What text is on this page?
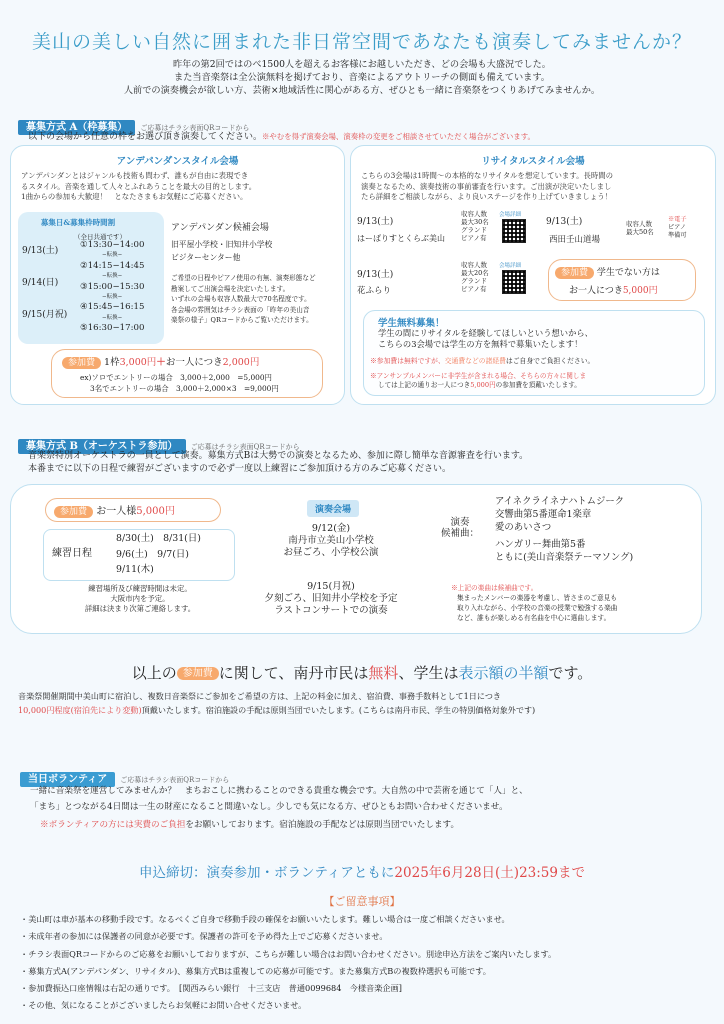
美山の美しい自然に囲まれた非日常空間であなたも演奏してみませんか？
昨年の第2回ではのべ1500人を超えるお客様にお越しいただき、どの会場も大盛況でした。
また当音楽祭は全公演無料を掲げており、音楽によるアウトリーチの側面も備えています。
人前での演奏機会が欲しい方、芸術×地域活性に関心がある方、ぜひとも一緒に音楽祭をつくりあげてみませんか。
募集方式 A（枠募集） ご応募はチラシ表面QRコードから
以下の会場から任意の枠をお選び頂き演奏してください。※やむを得ず演奏会場、演奏枠の変更をご相談させていただく場合がございます。
アンデパンダンスタイル会場
アンデパンダンとはジャンルも技術も問わず、誰もが自由に表現でき
るスタイル。音楽を通して人々とふれあうことを最大の目的とします。
1曲からの参加も大歓迎！　となたさまもお気軽にご応募ください。
募集日&募集枠時間割
（全日共通です）
9/13(土)
9/14(日)
9/15(月祝)
①13:30−14:00
−転換−
②14:15−14:45
−転換−
③15:00−15:30
−転換−
④15:45−16:15
−転換−
⑤16:30−17:00
アンデパンダン候補会場
旧平屋小学校・旧知井小学校
ビジターセンター他
ご希望の日程やピアノ使用の有無、演奏形態など
勘案してご出演会場を決定いたします。
いずれの会場も収容人数最大で70名程度です。
各会場の雰囲気はチラシ表面の「昨年の美山音
楽祭の様子」QRコードからご覧いただけます。
参加費 1枠3,000円＋お一人につき2,000円
ex)ソロでエントリーの場合　3,000＋2,000　=5,000円
3名でエントリーの場合　3,000＋2,000×3　=9,000円
リサイタルスタイル会場
こちらの3会場は1時間〜の本格的なリサイタルを想定しています。長時間の
演奏となるため、演奏技術の事前審査を行います。ご出演が決定いたしまし
たら詳細をご相談しながら、より良いステージを作り上げていきましょう！
9/13(土)
はーばりすとくらぶ美山
収容人数
最大30名
グランド
ピアノ有
会場詳細
9/13(土)
西田壬山道場
収容人数
最大50名
※電子
ピアノ
準備可
9/13(土)
花ふらり
収容人数
最大20名
グランド
ピアノ有
会場詳細
参加費 学生でない方は
お一人につき5,000円
学生無料募集！
学生の間にリサイタルを経験してほしいという想いから、
こちらの3会場では学生の方を無料で募集いたします！
※参加費は無料ですが、交通費などの諸経費はご自身でご負担ください。
※アンサンブルメンバーに非学生が含まれる場合、そちらの方々に関しま
しては上記の通りお一人につき5,000円の参加費を頂戴いたします。
募集方式 B（オーケストラ参加） ご応募はチラシ表面QRコードから
音楽祭特別オーケストラの一員として演奏。募集方式Bは大勢での演奏となるため、参加に際し簡単な音源審査を行います。
本番までに以下の日程で練習がございますので必ず一度以上練習にご参加頂ける方のみご応募ください。
参加費 お一人様5,000円
練習日程
8/30(土)　8/31(日)
9/6(土)　9/7(日)
9/11(木)
練習場所及び練習時間は未定。
大阪市内を予定。
詳細は決まり次第ご連絡します。
演奏会場
9/12(金)
南丹市立美山小学校
お昼ごろ、小学校公演
9/15(月祝)
夕刻ごろ、旧知井小学校を予定
ラストコンサートでの演奏
演奏
候補曲：
アイネクライネナハトムジーク
交響曲第5番運命1楽章
愛のあいさつ
ハンガリー舞曲第5番
ともに(美山音楽祭テーマソング)
※上記の楽曲は候補曲です。
集まったメンバーの楽器を考慮し、皆さまのご意見も
取り入れながら、小学校の音楽の授業で勉強する楽曲
など、誰もが楽しめる有名曲を中心に選曲します。
以上の 参加費 に関して、南丹市民は無料、学生は表示額の半額です。
音楽祭開催期間中美山町に宿泊し、複数日音楽祭にご参加をご希望の方は、上記の料金に加え、宿泊費、事務手数料として1日につき
10,000円程度(宿泊先により変動)頂戴いたします。宿泊施設の手配は原則当団でいたします。(こちらは南丹市民、学生の特別価格対象外です)
当日ボランティア ご応募はチラシ表面QRコードから
一緒に音楽祭を運営してみませんか？　まちおこしに携わることのできる貴重な機会です。大自然の中で芸術を通じて「人」と、
「まち」とつながる4日間は一生の財産になること間違いなし。少しでも気になる方、ぜひともお問い合わせくださいませ。
※ボランティアの方には実費のご負担をお願いしております。宿泊施設の手配などは原則当団でいたします。
申込締切：演奏参加・ボランティアともに2025年6月28日(土)23:59まで
【ご留意事項】
・美山町は車が基本の移動手段です。なるべくご自身で移動手段の確保をお願いいたします。難しい場合は一度ご相談くださいませ。
・未成年者の参加には保護者の同意が必要です。保護者の許可を予め得た上でご応募くださいませ。
・チラシ表面QRコードからのご応募をお願いしておりますが、こちらが難しい場合はお問い合わせください。別途申込方法をご案内いたします。
・募集方式A(アンデパンダン、リサイタル)、募集方式Bは重複しての応募が可能です。また募集方式Bの複数枠選択も可能です。
・参加費振込口座情報は右記の通りです。　[関西みらい銀行　十三支店　普通0099684　今様音楽企画]
・その他、気になることがございましたらお気軽にお問い合せくださいませ。
